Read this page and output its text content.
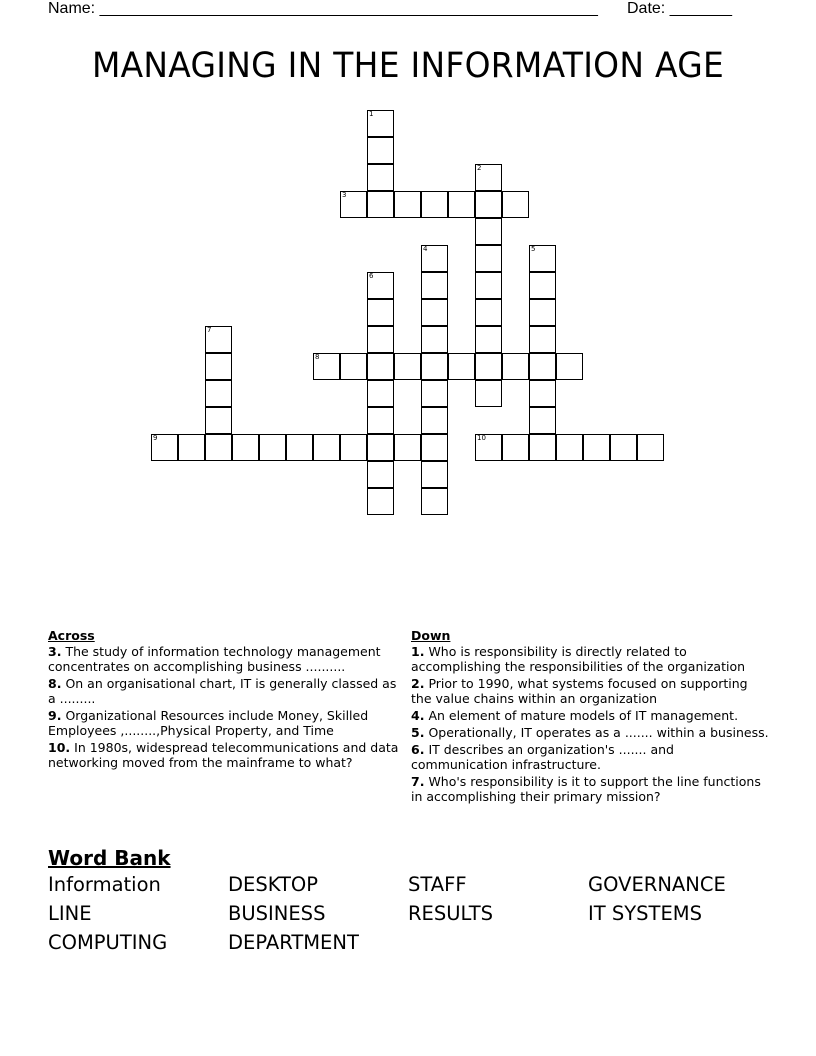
Name: ________________________________________________________ Date: _______
MANAGING IN THE INFORMATION AGE
1
2
3
4	5
6
7
8
9	10
Across
3. The study of information technology management concentrates on accomplishing business ..........
8. On an organisational chart, IT is generally classed as a .........
9. Organizational Resources include Money, Skilled Employees ,........,Physical Property, and Time
10. In 1980s, widespread telecommunications and data networking moved from the mainframe to what?
Down
1. Who is responsibility is directly related to accomplishing the responsibilities of the organization
2. Prior to 1990, what systems focused on supporting the value chains within an organization
4. An element of mature models of IT management.
5. Operationally, IT operates as a ....... within a business.
6. IT describes an organization's ....... and communication infrastructure.
7. Who's responsibility is it to support the line functions in accomplishing their primary mission?
Word Bank
Information	DESKTOP	STAFF	GOVERNANCE
LINE	BUSINESS	RESULTS	IT SYSTEMS
COMPUTING	DEPARTMENT
